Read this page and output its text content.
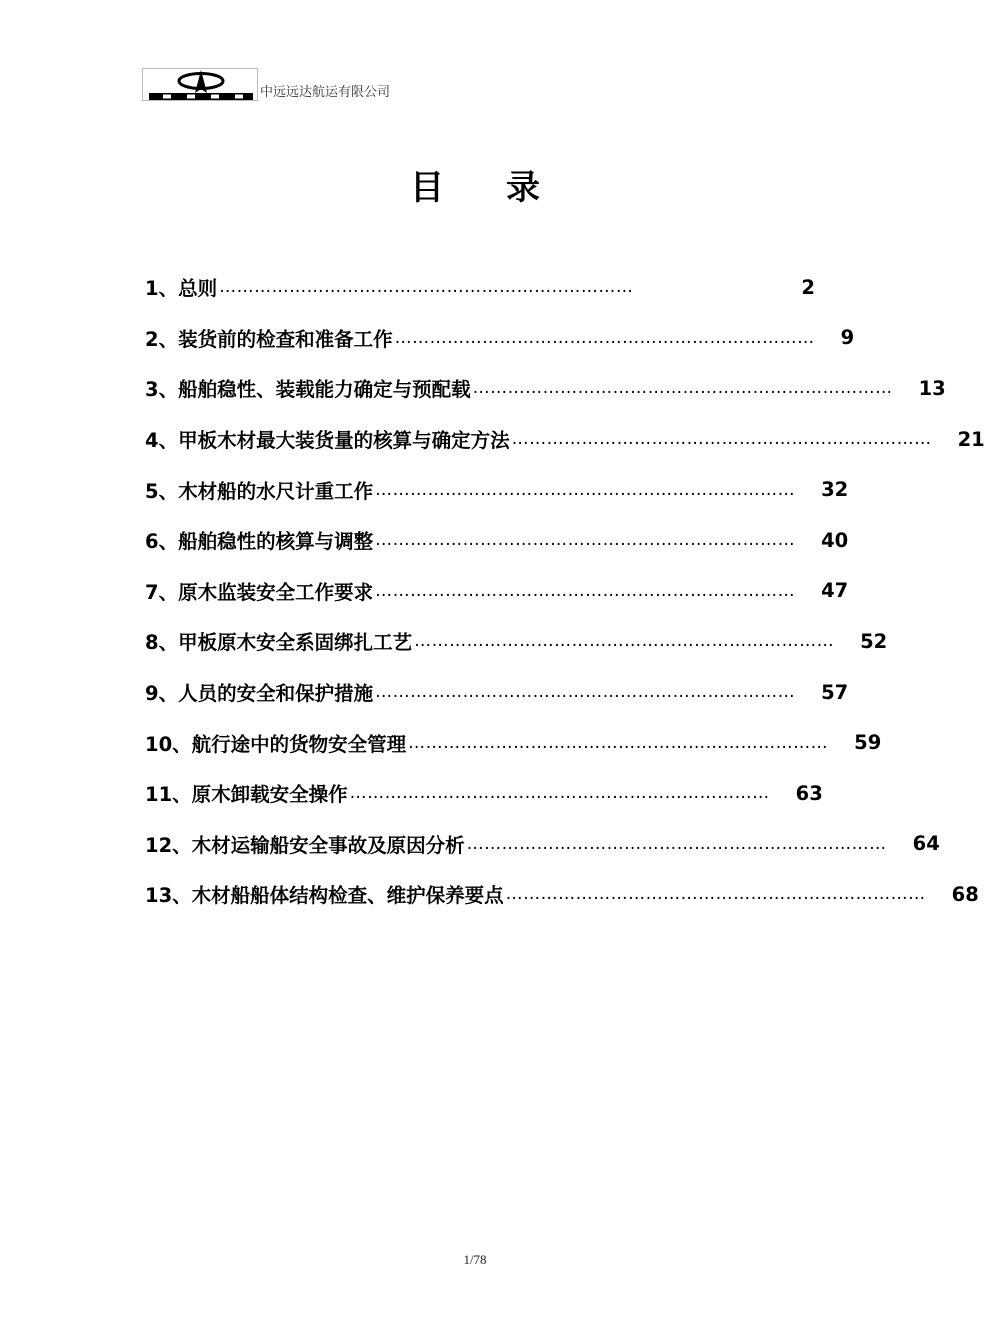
中远远达航运有限公司
目 录
1、总则 …………………………………………………..…………	2
2、装货前的检查和准备工作 ……………………………………………………………… 9
3、船舶稳性、装载能力确定与预配载 ……………………………………………………………… 13
4、甲板木材最大装货量的核算与确定方法 ……………………………………………………………… 21
5、木材船的水尺计重工作 ……………………………………………………………… 32
6、船舶稳性的核算与调整 ……………………………………………………………… 40
7、原木监装安全工作要求 ……………………………………………………………… 47
8、甲板原木安全系固绑扎工艺 ……………………………………………………………… 52
9、人员的安全和保护措施 ……………………………………………………………… 57
10、航行途中的货物安全管理 ……………………………………………………………… 59
11、原木卸载安全操作 ……………………………………………………………… 63
12、木材运输船安全事故及原因分析 ……………………………………………………………… 64
13、木材船船体结构检查、维护保养要点 ……………………………………………………………… 68
1/78
